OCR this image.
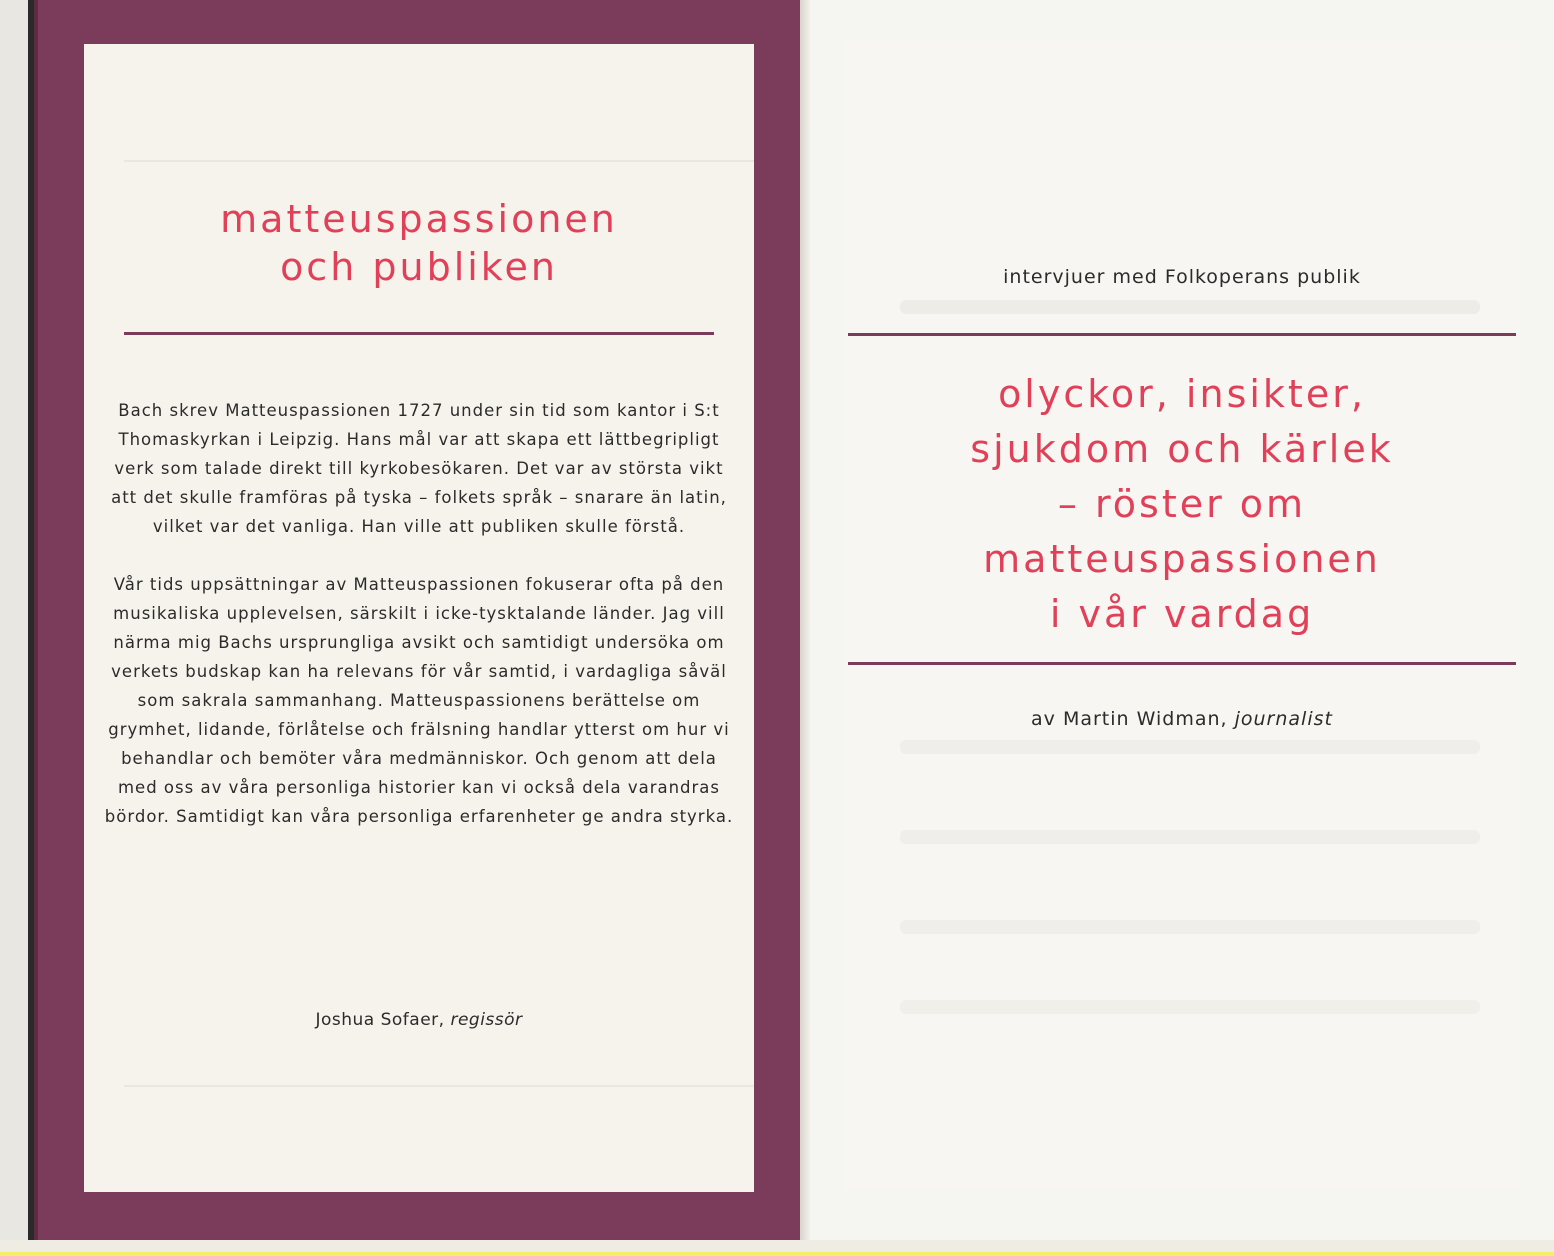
matteuspassionen
och publiken

Bach skrev Matteuspassionen 1727 under sin tid som kantor i S:t Thomaskyrkan i Leipzig. Hans mål var att skapa ett lättbegripligt verk som talade direkt till kyrkobesökaren. Det var av största vikt att det skulle framföras på tyska – folkets språk – snarare än latin, vilket var det vanliga. Han ville att publiken skulle förstå.

Vår tids uppsättningar av Matteuspassionen fokuserar ofta på den musikaliska upplevelsen, särskilt i icke-tysktalande länder. Jag vill närma mig Bachs ursprungliga avsikt och samtidigt undersöka om verkets budskap kan ha relevans för vår samtid, i vardagliga såväl som sakrala sammanhang. Matteuspassionens berättelse om grymhet, lidande, förlåtelse och frälsning handlar ytterst om hur vi behandlar och bemöter våra medmänniskor. Och genom att dela med oss av våra personliga historier kan vi också dela varandras bördor. Samtidigt kan våra personliga erfarenheter ge andra styrka.

Joshua Sofaer, regissör
intervjuer med Folkoperans publik
olyckor, insikter,
sjukdom och kärlek
– röster om
matteuspassionen
i vår vardag
av Martin Widman, journalist
